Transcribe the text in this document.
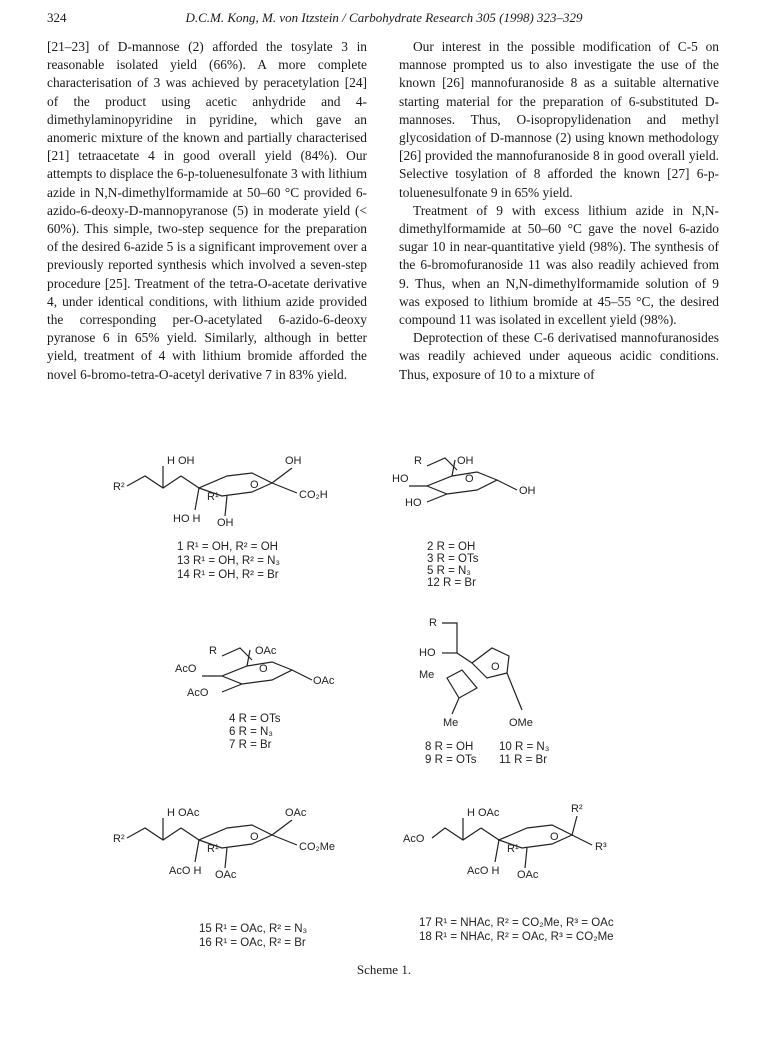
324	D.C.M. Kong, M. von Itzstein / Carbohydrate Research 305 (1998) 323–329

[21–23] of D-mannose (2) afforded the tosylate 3 in reasonable isolated yield (66%). A more complete characterisation of 3 was achieved by peracetylation [24] of the product using acetic anhydride and 4-dimethylaminopyridine in pyridine, which gave an anomeric mixture of the known and partially characterised [21] tetraacetate 4 in good overall yield (84%). Our attempts to displace the 6-p-toluenesulfonate 3 with lithium azide in N,N-dimethylformamide at 50–60 °C provided 6-azido-6-deoxy-D-mannopyranose (5) in moderate yield (< 60%). This simple, two-step sequence for the preparation of the desired 6-azide 5 is a significant improvement over a previously reported synthesis which involved a seven-step procedure [25]. Treatment of the tetra-O-acetate derivative 4, under identical conditions, with lithium azide provided the corresponding per-O-acetylated 6-azido-6-deoxy pyranose 6 in 65% yield. Similarly, although in better yield, treatment of 4 with lithium bromide afforded the novel 6-bromo-tetra-O-acetyl derivative 7 in 83% yield.

Our interest in the possible modification of C-5 on mannose prompted us to also investigate the use of the known [26] mannofuranoside 8 as a suitable alternative starting material for the preparation of 6-substituted D-mannoses. Thus, O-isopropylidenation and methyl glycosidation of D-mannose (2) using known methodology [26] provided the mannofuranoside 8 in good overall yield. Selective tosylation of 8 afforded the known [27] 6-p-toluenesulfonate 9 in 65% yield.

Treatment of 9 with excess lithium azide in N,N-dimethylformamide at 50–60 °C gave the novel 6-azido sugar 10 in near-quantitative yield (98%). The synthesis of the 6-bromofuranoside 11 was also readily achieved from 9. Thus, when an N,N-dimethylformamide solution of 9 was exposed to lithium bromide at 45–55 °C, the desired compound 11 was isolated in excellent yield (98%).

Deprotection of these C-6 derivatised mannofuranosides was readily achieved under aqueous acidic conditions. Thus, exposure of 10 to a mixture of

H OH	OH
R²
R¹
O
CO₂H
HO H OH
R	OH
HO	O
HO
OH
R	OAc
AcO	O
AcO
OAc
R
HO
Me
O
Me	OMe
H OAc	OAc
R²
R¹
O
CO₂Me
AcO H OAc
H OAc	R²
AcO
R¹
O
R³
AcO H OAc
1 R¹ = OH, R² = OH
13 R¹ = OH, R² = N₃
14 R¹ = OH, R² = Br
2 R = OH
3 R = OTs
5 R = N₃
12 R = Br
4 R = OTs
6 R = N₃
7 R = Br	8 R = OH
9 R = OTs
10 R = N₃
11 R = Br
15 R¹ = OAc, R² = N₃
16 R¹ = OAc, R² = Br
17 R¹ = NHAc, R² = CO₂Me, R³ = OAc
18 R¹ = NHAc, R² = OAc, R³ = CO₂Me
Scheme 1.
